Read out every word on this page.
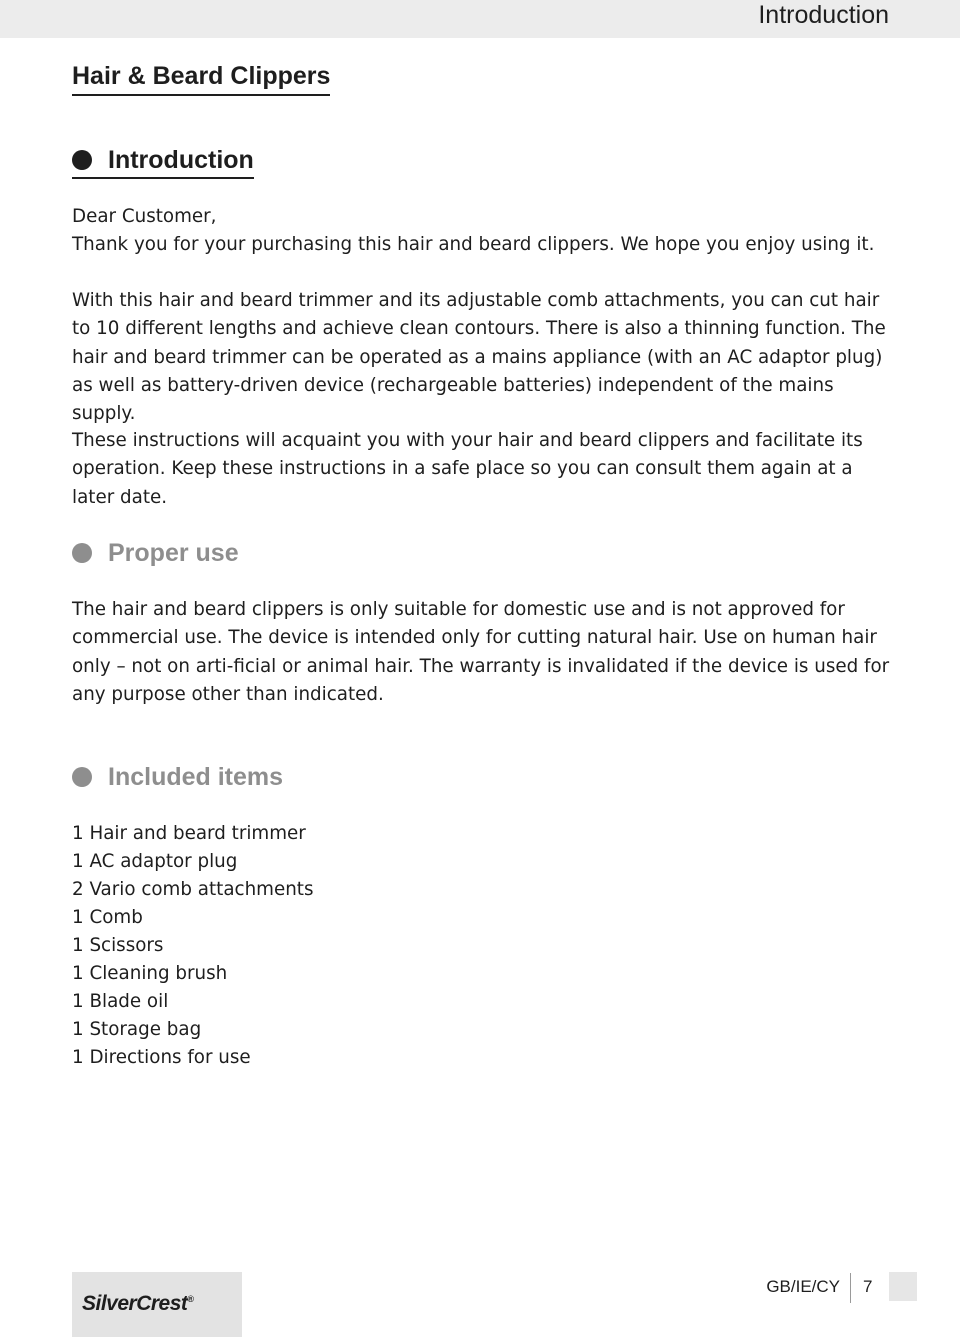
Introduction
Hair & Beard Clippers
Introduction

Dear Customer,

Thank you for your purchasing this hair and beard clippers. We hope you enjoy using it.

With this hair and beard trimmer and its adjustable comb attachments, you can cut hair to 10 different lengths and achieve clean contours. There is also a thinning function. The hair and beard trimmer can be operated as a mains appliance (with an AC adaptor plug) as well as battery-driven device (rechargeable batteries) independent of the mains supply.

These instructions will acquaint you with your hair and beard clippers and facilitate its operation. Keep these instructions in a safe place so you can consult them again at a later date.

Proper use

The hair and beard clippers is only suitable for domestic use and is not approved for commercial use. The device is intended only for cutting natural hair. Use on human hair only – not on arti-ficial or animal hair. The warranty is invalidated if the device is used for any purpose other than indicated.

Included items
1 Hair and beard trimmer
1 AC adaptor plug
2 Vario comb attachments
1 Comb
1 Scissors
1 Cleaning brush
1 Blade oil
1 Storage bag
1 Directions for use
SilverCrest®
GB/IE/CY 7
